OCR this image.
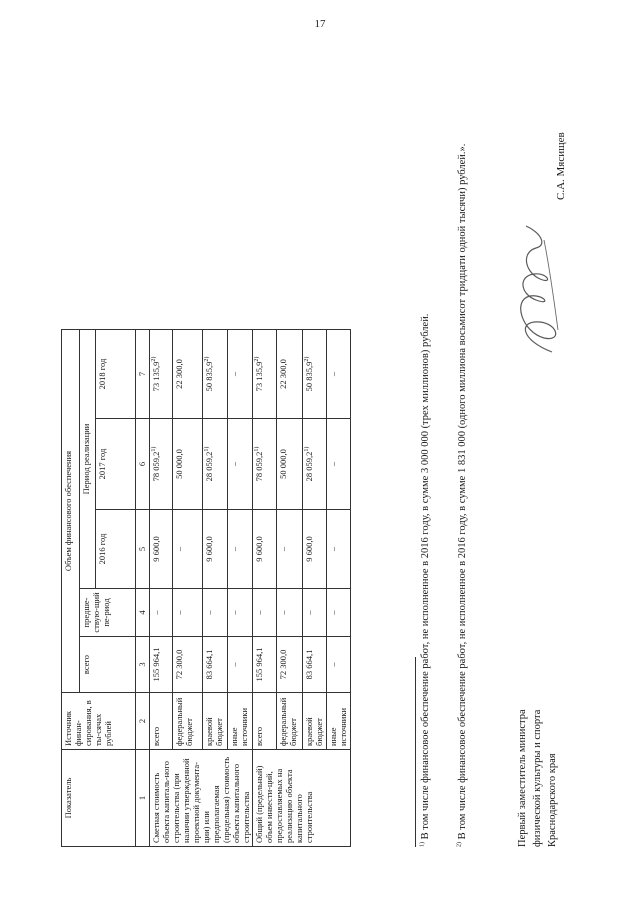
17
Показатель	Источник финан-сирования, в ты-сячах рублей	Объем финансового обеспечения				
		всего	предше-ствую-щий пе-риод	Период реализации		
				2016 год	2017 год	2018 год
1	2	3	4	5	6	7
Сметная стоимость объекта капиталь-ного строительства (при наличии утвержденной проектной документа-ции) или предполагаемая (предельная) стоимость объекта капитального строительства	всего	155 964,1	–	9 600,0	78 059,2$^{1)}$	73 135,9$^{2)}$
	федеральный бюджет	72 300,0	–	–	50 000,0	22 300,0
	краевой бюджет	83 664,1	–	9 600,0	28 059,2$^{1)}$	50 835,9$^{2)}$
	иные источники	–	–	–	–	–
Общий (предельный) объем инвести-ций, предоставляемых на реализацию объекта капитального строительства	всего	155 964,1	–	9 600,0	78 059,2$^{1)}$	73 135,9$^{2)}$
	федеральный бюджет	72 300,0	–	–	50 000,0	22 300,0
	краевой бюджет	83 664,1	–	9 600,0	28 059,2$^{1)}$	50 835,9$^{2)}$
	иные источники	–	–	–	–	–
$^{1)}$ В том числе финансовое обеспечение работ, не исполненное в 2016 году, в сумме 3 000 000 (трех миллионов) рублей.
$^{2)}$ В том числе финансовое обеспечение работ, не исполненное в 2016 году, в сумме 1 831 000 (одного миллиона восьмисот тридцати одной тысячи) рублей.».	Первый заместитель министра физической культуры и спорта Краснодарского края
С.А. Мясищев
